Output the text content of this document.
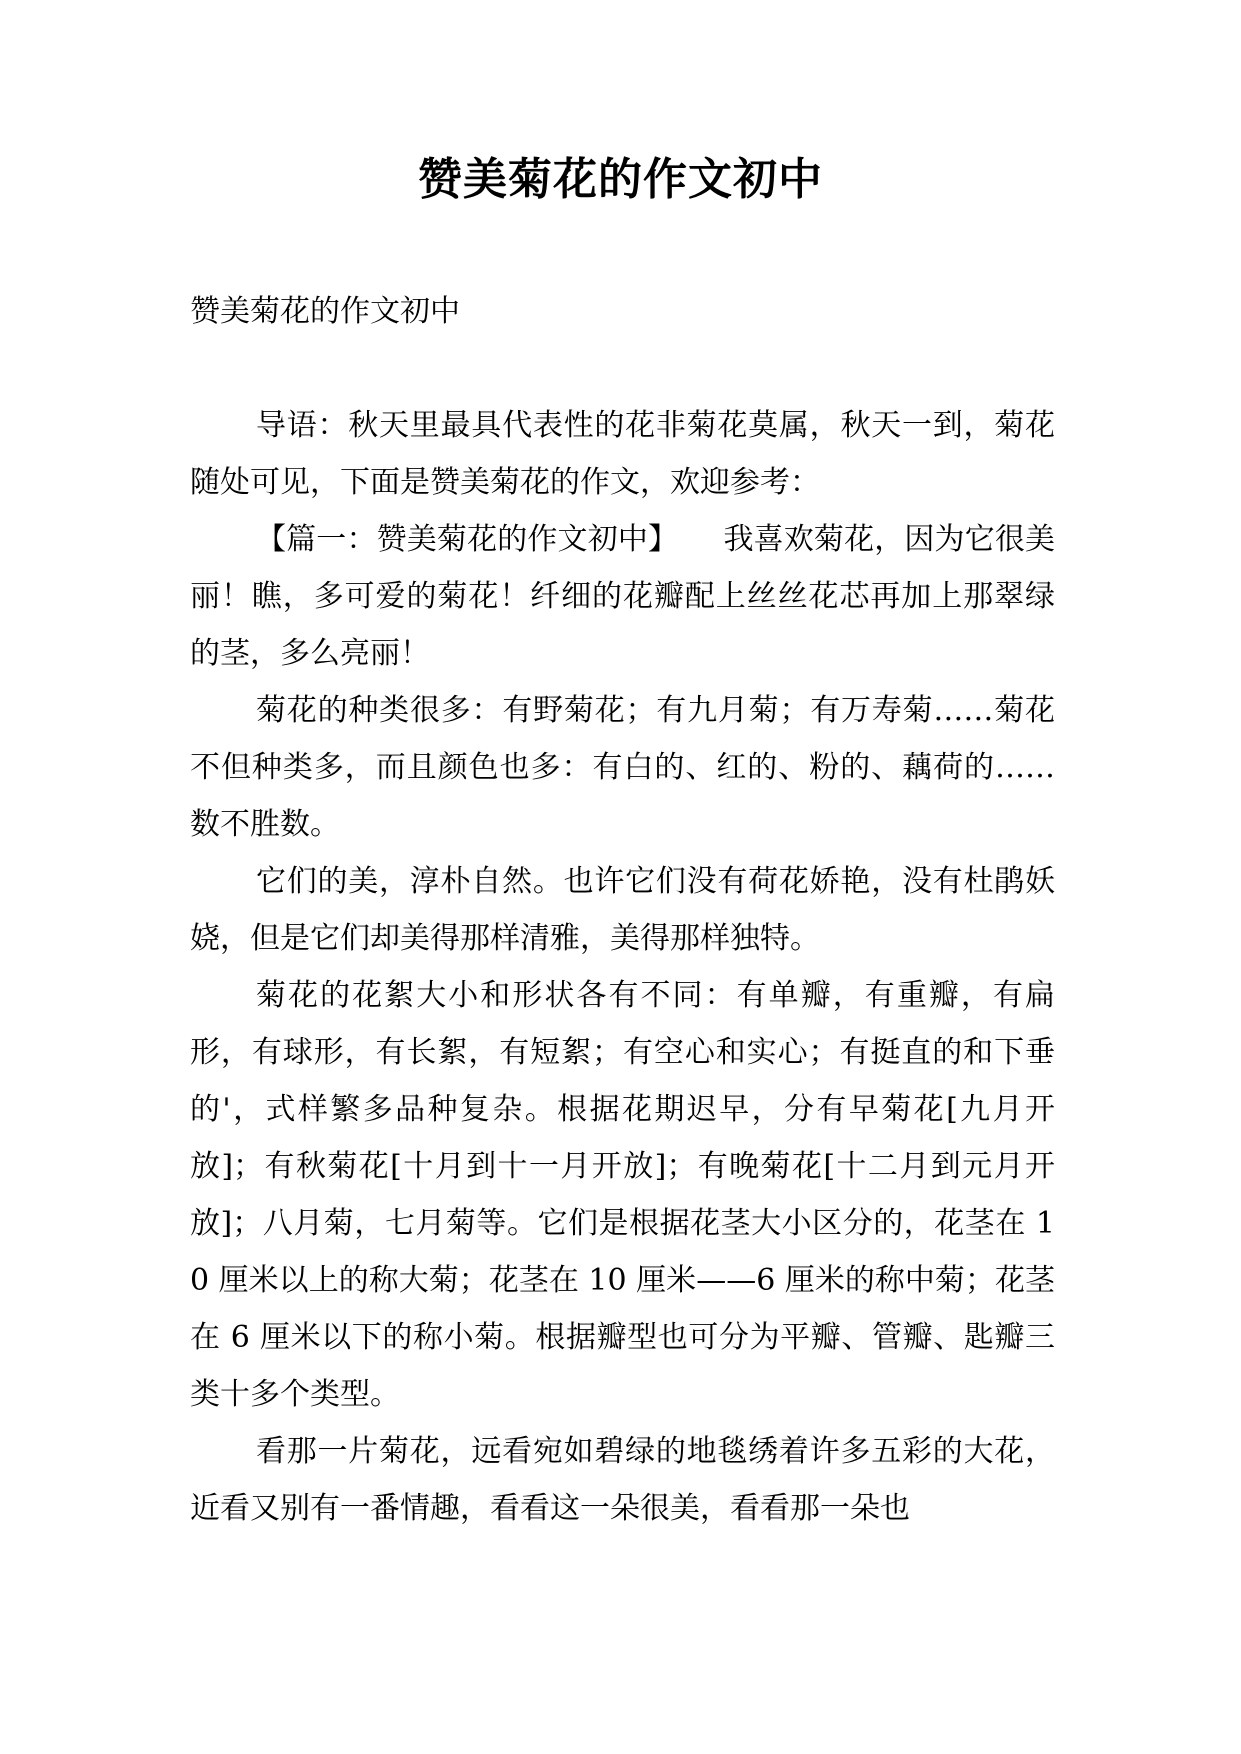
赞美菊花的作文初中

赞美菊花的作文初中

导语：秋天里最具代表性的花非菊花莫属，秋天一到，菊花随处可见，下面是赞美菊花的作文，欢迎参考：

【篇一：赞美菊花的作文初中】　　我喜欢菊花，因为它很美丽！瞧，多可爱的菊花！纤细的花瓣配上丝丝花芯再加上那翠绿的茎，多么亮丽！

菊花的种类很多：有野菊花；有九月菊；有万寿菊……菊花不但种类多，而且颜色也多：有白的、红的、粉的、藕荷的……数不胜数。

它们的美，淳朴自然。也许它们没有荷花娇艳，没有杜鹃妖娆，但是它们却美得那样清雅，美得那样独特。

菊花的花絮大小和形状各有不同：有单瓣，有重瓣，有扁形，有球形，有长絮，有短絮；有空心和实心；有挺直的和下垂的'，式样繁多品种复杂。根据花期迟早，分有早菊花[九月开放]；有秋菊花[十月到十一月开放]；有晚菊花[十二月到元月开放]；八月菊，七月菊等。它们是根据花茎大小区分的，花茎在 10 厘米以上的称大菊；花茎在 10 厘米——6 厘米的称中菊；花茎在 6 厘米以下的称小菊。根据瓣型也可分为平瓣、管瓣、匙瓣三类十多个类型。

看那一片菊花，远看宛如碧绿的地毯绣着许多五彩的大花，近看又别有一番情趣，看看这一朵很美，看看那一朵也
